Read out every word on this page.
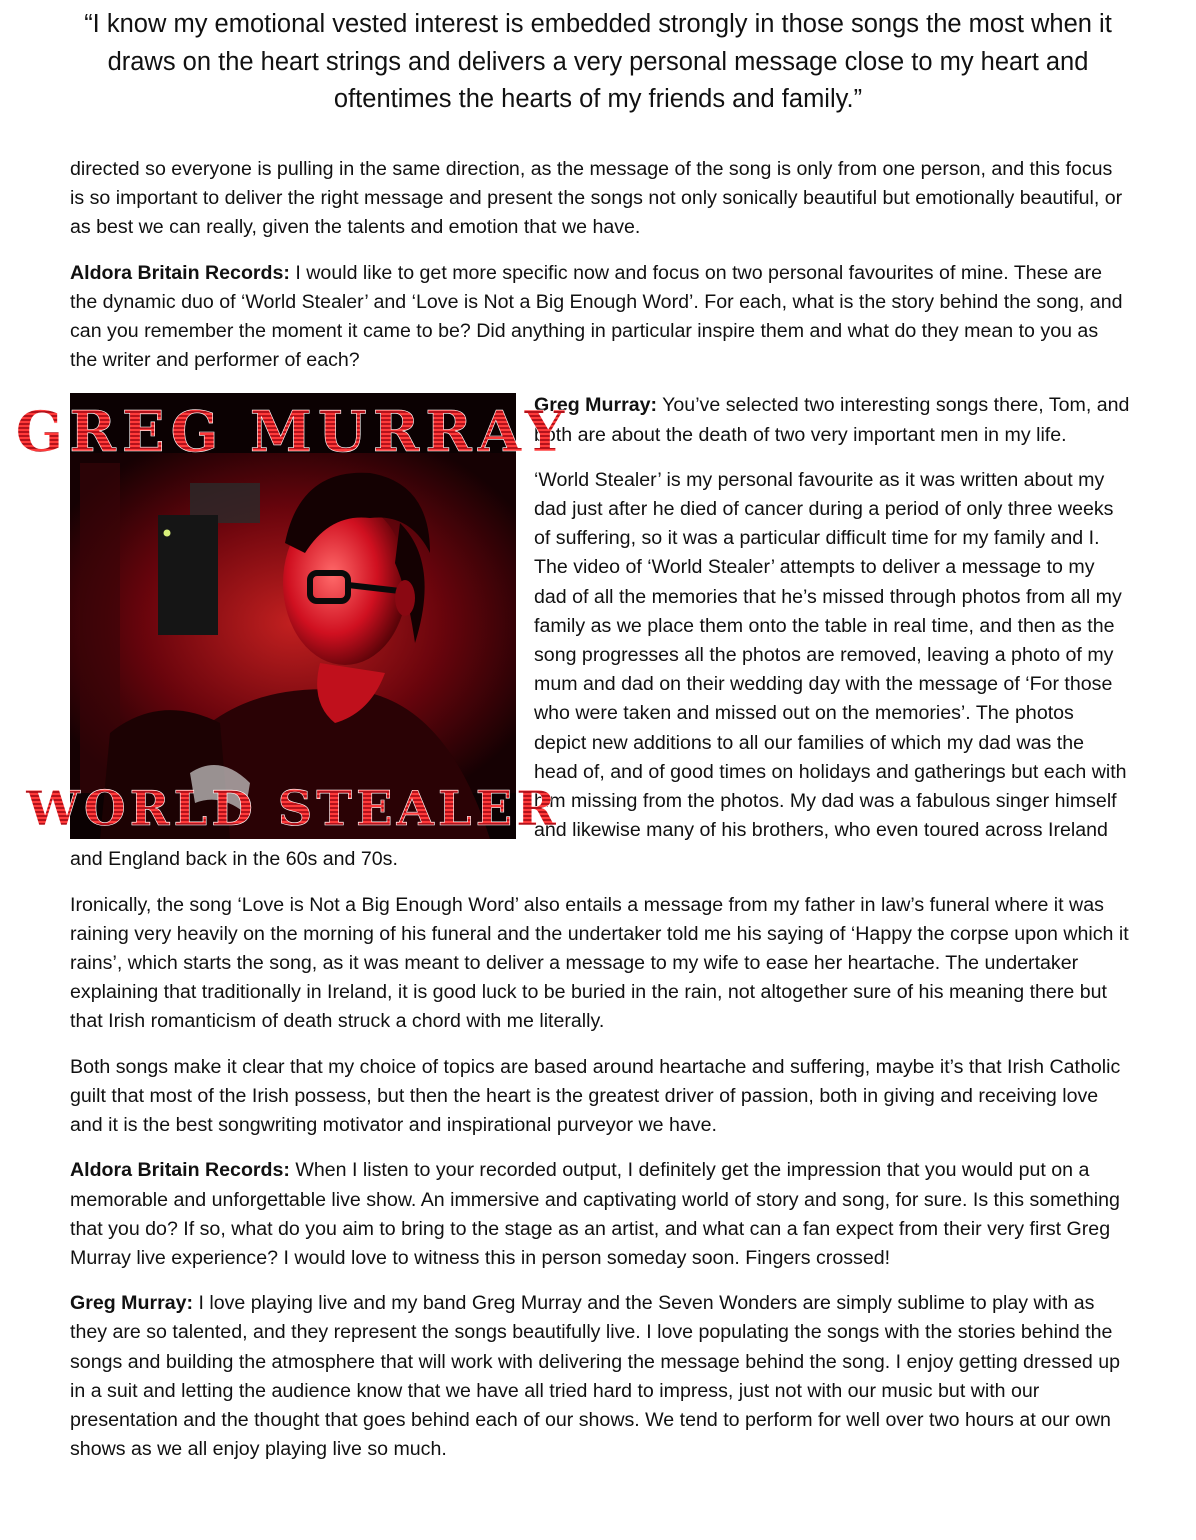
“I know my emotional vested interest is embedded strongly in those songs the most when it draws on the heart strings and delivers a very personal message close to my heart and oftentimes the hearts of my friends and family.”

directed so everyone is pulling in the same direction, as the message of the song is only from one person, and this focus is so important to deliver the right message and present the songs not only sonically beautiful but emotionally beautiful, or as best we can really, given the talents and emotion that we have.

Aldora Britain Records: I would like to get more specific now and focus on two personal favourites of mine. These are the dynamic duo of ‘World Stealer’ and ‘Love is Not a Big Enough Word’. For each, what is the story behind the song, and can you remember the moment it came to be? Did anything in particular inspire them and what do they mean to you as the writer and performer of each?

GREG MURRAY
WORLD STEALER

Greg Murray: You’ve selected two interesting songs there, Tom, and both are about the death of two very important men in my life.

‘World Stealer’ is my personal favourite as it was written about my dad just after he died of cancer during a period of only three weeks of suffering, so it was a particular difficult time for my family and I. The video of ‘World Stealer’ attempts to deliver a message to my dad of all the memories that he’s missed through photos from all my family as we place them onto the table in real time, and then as the song progresses all the photos are removed, leaving a photo of my mum and dad on their wedding day with the message of ‘For those who were taken and missed out on the memories’. The photos depict new additions to all our families of which my dad was the head of, and of good times on holidays and gatherings but each with him missing from the photos. My dad was a fabulous singer himself and likewise many of his brothers, who even toured across Ireland and England back in the 60s and 70s.

Ironically, the song ‘Love is Not a Big Enough Word’ also entails a message from my father in law’s funeral where it was raining very heavily on the morning of his funeral and the undertaker told me his saying of ‘Happy the corpse upon which it rains’, which starts the song, as it was meant to deliver a message to my wife to ease her heartache. The undertaker explaining that traditionally in Ireland, it is good luck to be buried in the rain, not altogether sure of his meaning there but that Irish romanticism of death struck a chord with me literally.

Both songs make it clear that my choice of topics are based around heartache and suffering, maybe it’s that Irish Catholic guilt that most of the Irish possess, but then the heart is the greatest driver of passion, both in giving and receiving love and it is the best songwriting motivator and inspirational purveyor we have.

Aldora Britain Records: When I listen to your recorded output, I definitely get the impression that you would put on a memorable and unforgettable live show. An immersive and captivating world of story and song, for sure. Is this something that you do? If so, what do you aim to bring to the stage as an artist, and what can a fan expect from their very first Greg Murray live experience? I would love to witness this in person someday soon. Fingers crossed!

Greg Murray: I love playing live and my band Greg Murray and the Seven Wonders are simply sublime to play with as they are so talented, and they represent the songs beautifully live. I love populating the songs with the stories behind the songs and building the atmosphere that will work with delivering the message behind the song. I enjoy getting dressed up in a suit and letting the audience know that we have all tried hard to impress, just not with our music but with our presentation and the thought that goes behind each of our shows. We tend to perform for well over two hours at our own shows as we all enjoy playing live so much.
